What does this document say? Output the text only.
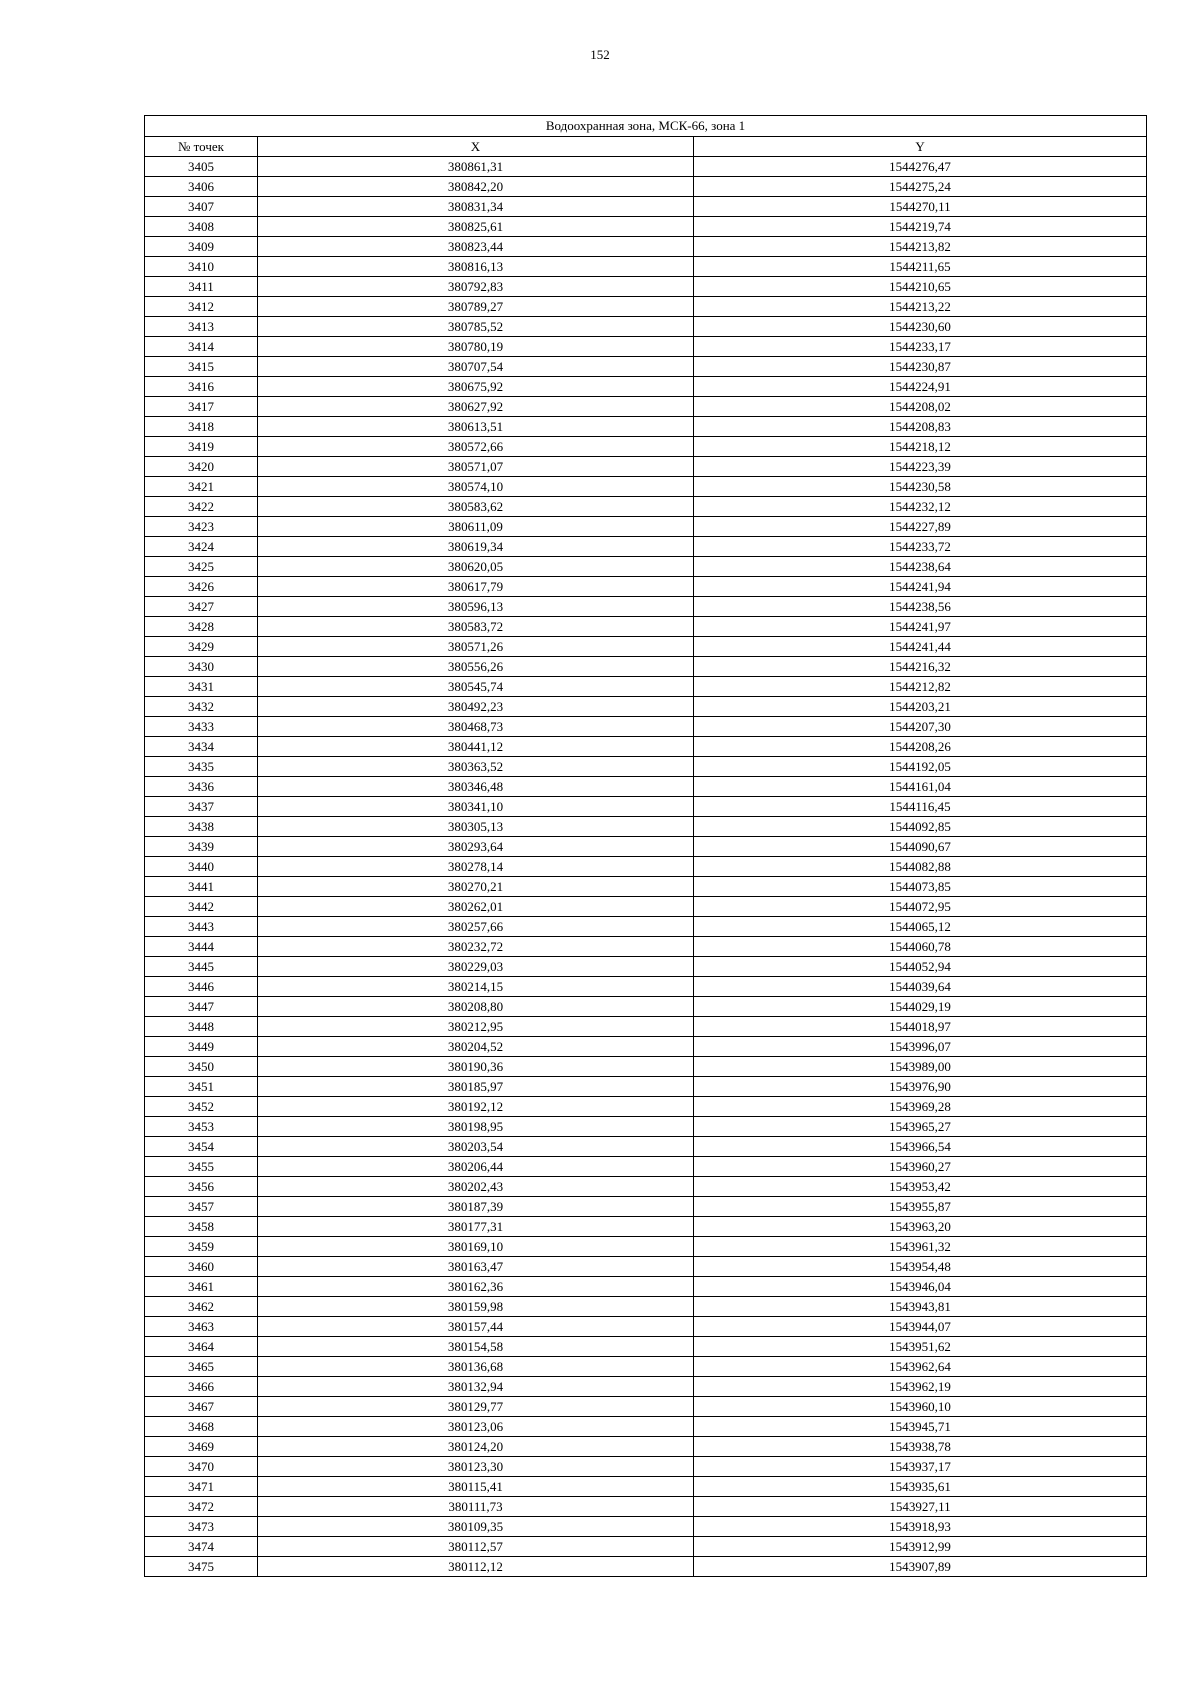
152
Водоохранная зона, МСК-66, зона 1		
№ точек	X	Y
3405	380861,31	1544276,47
3406	380842,20	1544275,24
3407	380831,34	1544270,11
3408	380825,61	1544219,74
3409	380823,44	1544213,82
3410	380816,13	1544211,65
3411	380792,83	1544210,65
3412	380789,27	1544213,22
3413	380785,52	1544230,60
3414	380780,19	1544233,17
3415	380707,54	1544230,87
3416	380675,92	1544224,91
3417	380627,92	1544208,02
3418	380613,51	1544208,83
3419	380572,66	1544218,12
3420	380571,07	1544223,39
3421	380574,10	1544230,58
3422	380583,62	1544232,12
3423	380611,09	1544227,89
3424	380619,34	1544233,72
3425	380620,05	1544238,64
3426	380617,79	1544241,94
3427	380596,13	1544238,56
3428	380583,72	1544241,97
3429	380571,26	1544241,44
3430	380556,26	1544216,32
3431	380545,74	1544212,82
3432	380492,23	1544203,21
3433	380468,73	1544207,30
3434	380441,12	1544208,26
3435	380363,52	1544192,05
3436	380346,48	1544161,04
3437	380341,10	1544116,45
3438	380305,13	1544092,85
3439	380293,64	1544090,67
3440	380278,14	1544082,88
3441	380270,21	1544073,85
3442	380262,01	1544072,95
3443	380257,66	1544065,12
3444	380232,72	1544060,78
3445	380229,03	1544052,94
3446	380214,15	1544039,64
3447	380208,80	1544029,19
3448	380212,95	1544018,97
3449	380204,52	1543996,07
3450	380190,36	1543989,00
3451	380185,97	1543976,90
3452	380192,12	1543969,28
3453	380198,95	1543965,27
3454	380203,54	1543966,54
3455	380206,44	1543960,27
3456	380202,43	1543953,42
3457	380187,39	1543955,87
3458	380177,31	1543963,20
3459	380169,10	1543961,32
3460	380163,47	1543954,48
3461	380162,36	1543946,04
3462	380159,98	1543943,81
3463	380157,44	1543944,07
3464	380154,58	1543951,62
3465	380136,68	1543962,64
3466	380132,94	1543962,19
3467	380129,77	1543960,10
3468	380123,06	1543945,71
3469	380124,20	1543938,78
3470	380123,30	1543937,17
3471	380115,41	1543935,61
3472	380111,73	1543927,11
3473	380109,35	1543918,93
3474	380112,57	1543912,99
3475	380112,12	1543907,89
